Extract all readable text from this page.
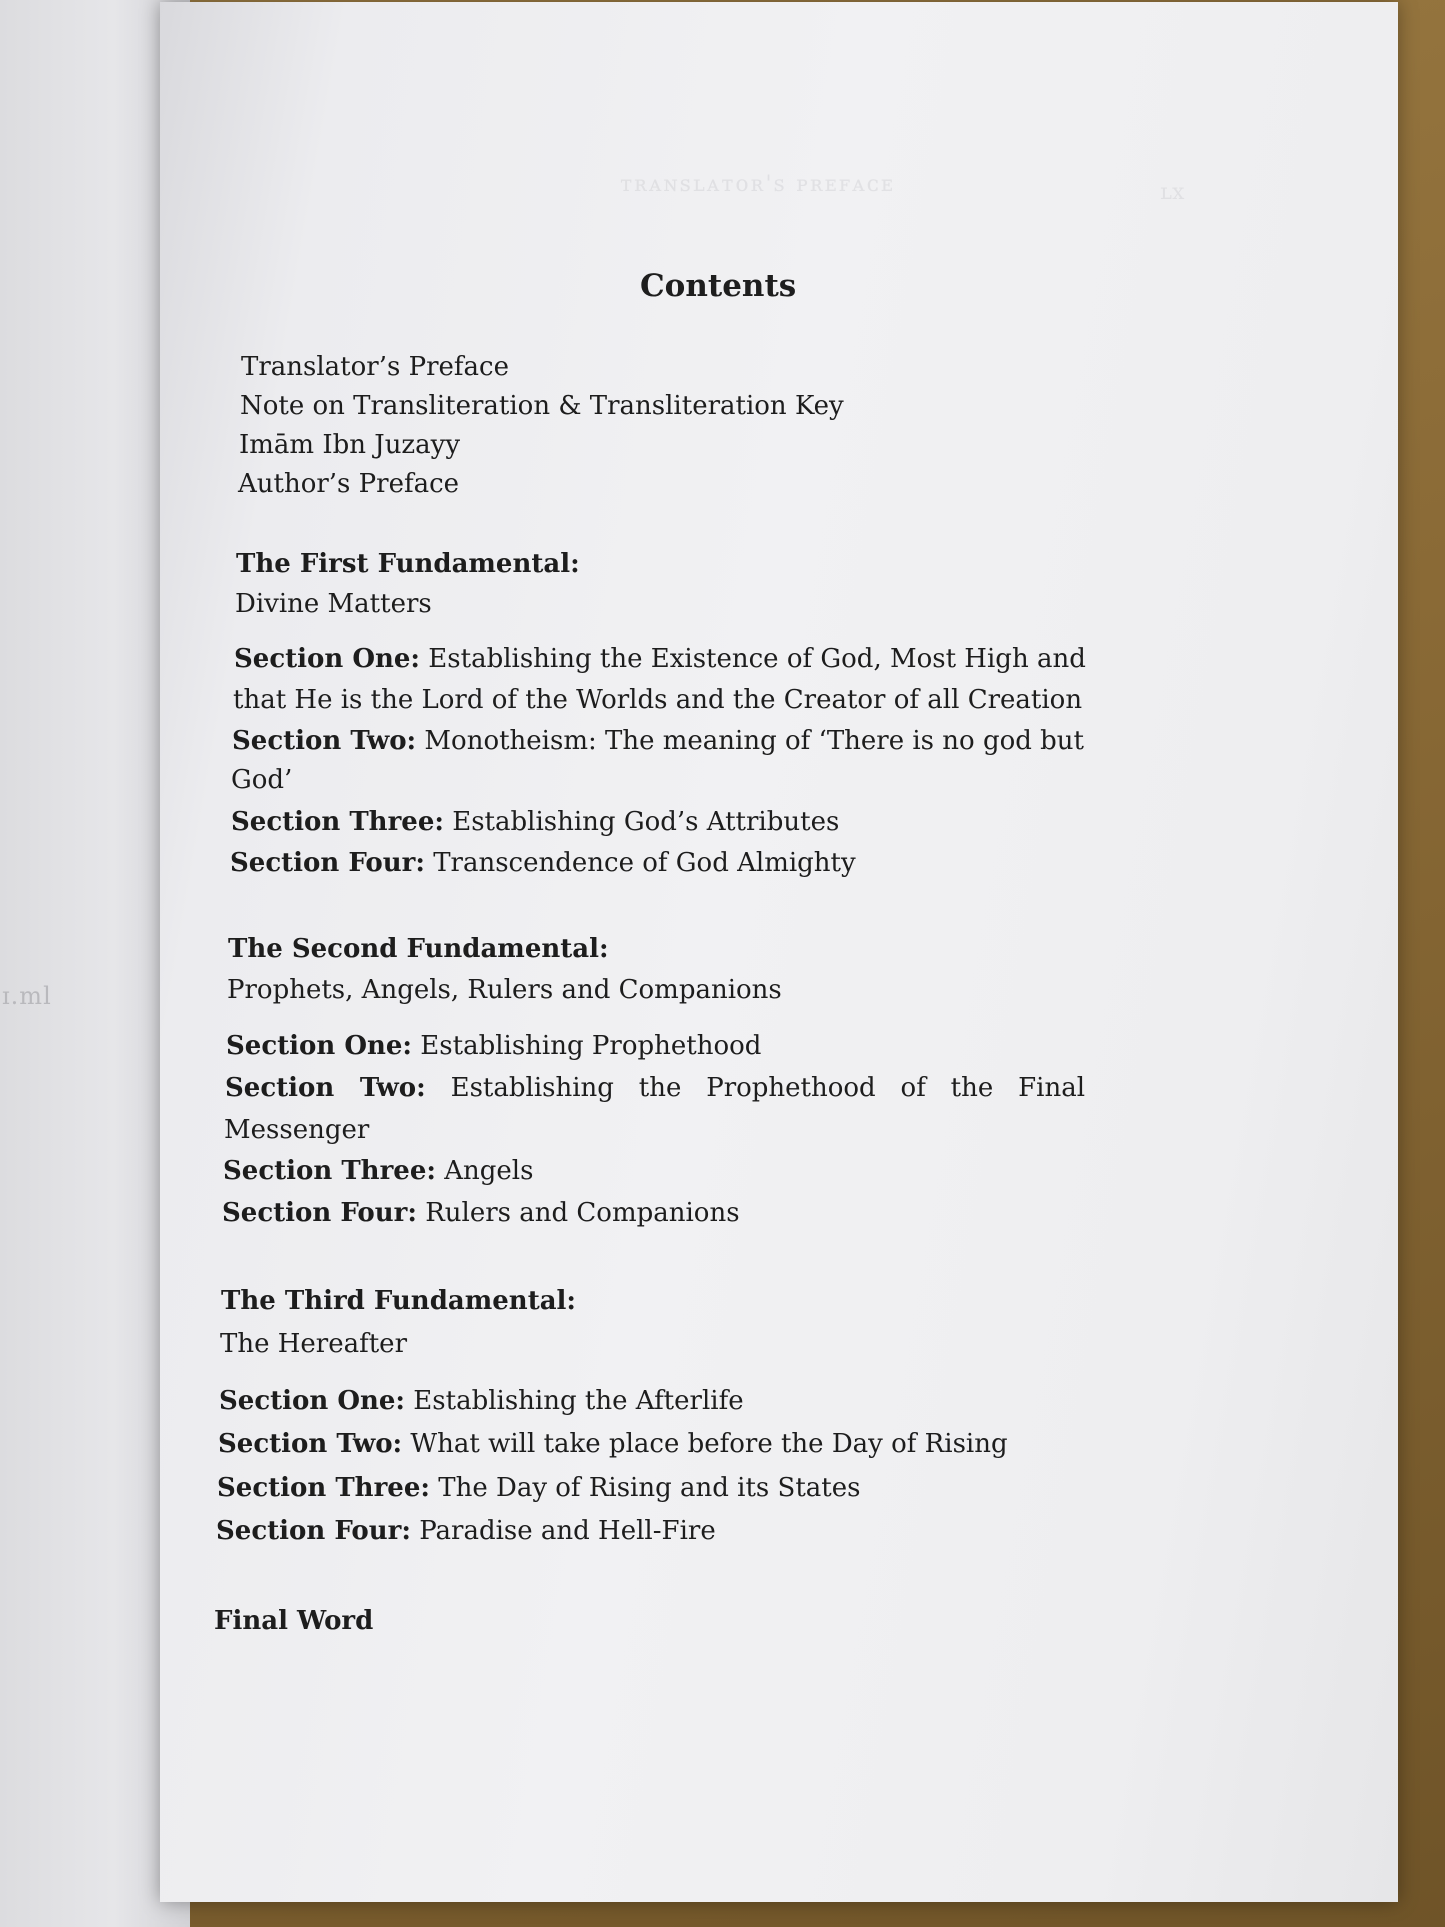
ɪ.ml
ᴛʀᴀɴꜱʟᴀᴛᴏʀ'ꜱ ᴘʀᴇꜰᴀᴄᴇ	ʟx
Contents
Translator’s Preface
Note on Transliteration & Transliteration Key
Imām Ibn Juzayy
Author’s Preface
The First Fundamental:
Divine Matters
Section One: Establishing the Existence of God, Most High and
that He is the Lord of the Worlds and the Creator of all Creation
Section Two: Monotheism: The meaning of ‘There is no god but
God’
Section Three: Establishing God’s Attributes
Section Four: Transcendence of God Almighty
The Second Fundamental:
Prophets, Angels, Rulers and Companions
Section One: Establishing Prophethood
Section Two: Establishing the Prophethood of the Final
Messenger
Section Three: Angels
Section Four: Rulers and Companions
The Third Fundamental:
The Hereafter
Section One: Establishing the Afterlife
Section Two: What will take place before the Day of Rising
Section Three: The Day of Rising and its States
Section Four: Paradise and Hell-Fire
Final Word
